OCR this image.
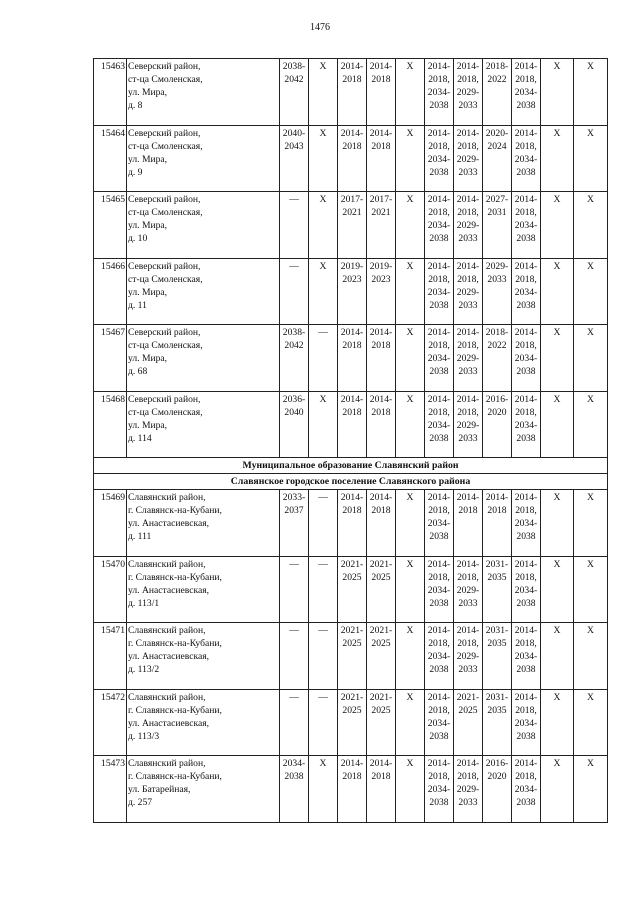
1476
15463	Северский район,
ст-ца Смоленская,
ул. Мира,
д. 8	2038-
2042	X	2014-
2018	2014-
2018	X	2014-
2018,
2034-
2038	2014-
2018,
2029-
2033	2018-
2022	2014-
2018,
2034-
2038	X	X

15464	Северский район,
ст-ца Смоленская,
ул. Мира,
д. 9	2040-
2043	X	2014-
2018	2014-
2018	X	2014-
2018,
2034-
2038	2014-
2018,
2029-
2033	2020-
2024	2014-
2018,
2034-
2038	X	X

15465	Северский район,
ст-ца Смоленская,
ул. Мира,
д. 10	—	X	2017-
2021	2017-
2021	X	2014-
2018,
2034-
2038	2014-
2018,
2029-
2033	2027-
2031	2014-
2018,
2034-
2038	X	X

15466	Северский район,
ст-ца Смоленская,
ул. Мира,
д. 11	—	X	2019-
2023	2019-
2023	X	2014-
2018,
2034-
2038	2014-
2018,
2029-
2033	2029-
2033	2014-
2018,
2034-
2038	X	X

15467	Северский район,
ст-ца Смоленская,
ул. Мира,
д. 68	2038-
2042	—	2014-
2018	2014-
2018	X	2014-
2018,
2034-
2038	2014-
2018,
2029-
2033	2018-
2022	2014-
2018,
2034-
2038	X	X

15468	Северский район,
ст-ца Смоленская,
ул. Мира,
д. 114	2036-
2040	X	2014-
2018	2014-
2018	X	2014-
2018,
2034-
2038	2014-
2018,
2029-
2033	2016-
2020	2014-
2018,
2034-
2038	X	X

Муниципальное образование Славянский район												
Славянское городское поселение Славянского района												
15469	Славянский район,
г. Славянск-на-Кубани,
ул. Анастасиевская,
д. 111	2033-
2037	—	2014-
2018	2014-
2018	X	2014-
2018,
2034-
2038	2014-
2018	2014-
2018	2014-
2018,
2034-
2038	X	X

15470	Славянский район,
г. Славянск-на-Кубани,
ул. Анастасиевская,
д. 113/1	—	—	2021-
2025	2021-
2025	X	2014-
2018,
2034-
2038	2014-
2018,
2029-
2033	2031-
2035	2014-
2018,
2034-
2038	X	X

15471	Славянский район,
г. Славянск-на-Кубани,
ул. Анастасиевская,
д. 113/2	—	—	2021-
2025	2021-
2025	X	2014-
2018,
2034-
2038	2014-
2018,
2029-
2033	2031-
2035	2014-
2018,
2034-
2038	X	X

15472	Славянский район,
г. Славянск-на-Кубани,
ул. Анастасиевская,
д. 113/3	—	—	2021-
2025	2021-
2025	X	2014-
2018,
2034-
2038	2021-
2025	2031-
2035	2014-
2018,
2034-
2038	X	X

15473	Славянский район,
г. Славянск-на-Кубани,
ул. Батарейная,
д. 257	2034-
2038	X	2014-
2018	2014-
2018	X	2014-
2018,
2034-
2038	2014-
2018,
2029-
2033	2016-
2020	2014-
2018,
2034-
2038	X	X
